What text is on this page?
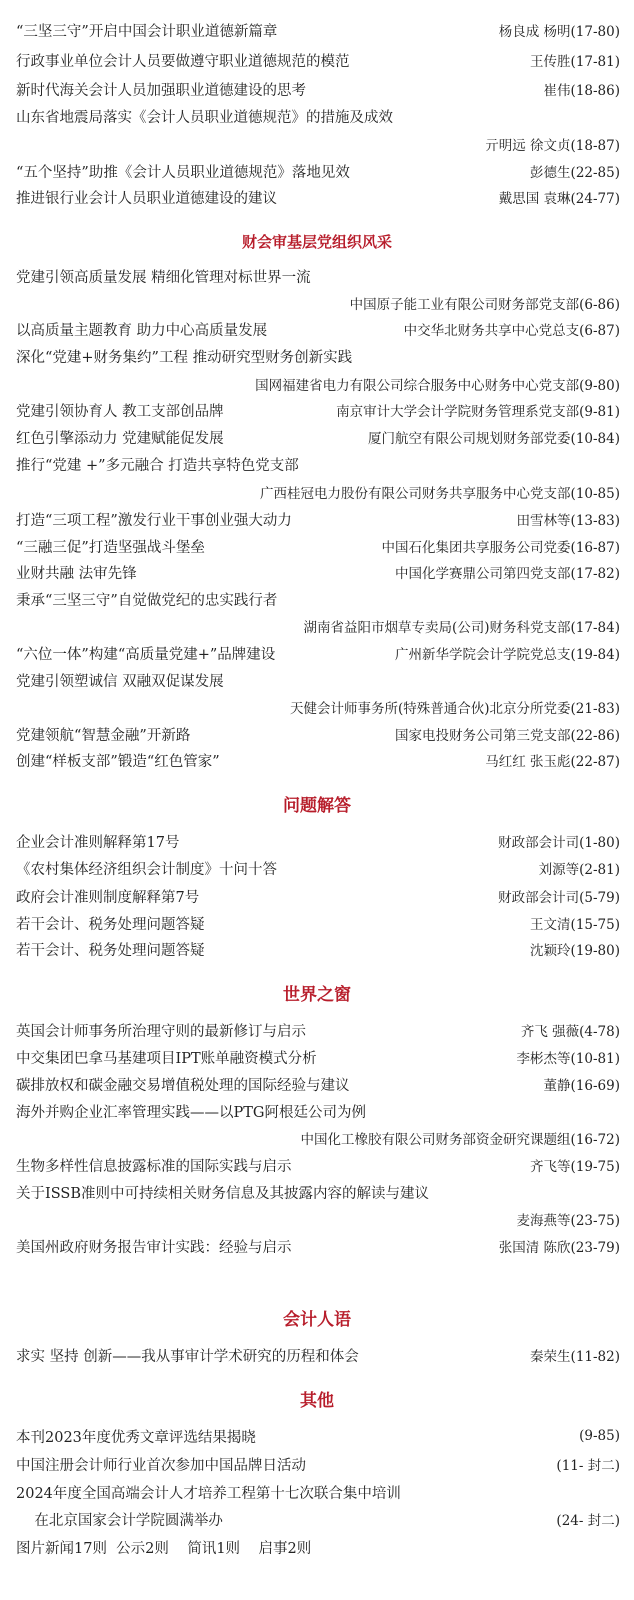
“三坚三守”开启中国会计职业道德新篇章	杨良成 杨明(17-80)
行政事业单位会计人员要做遵守职业道德规范的模范	王传胜(17-81)
新时代海关会计人员加强职业道德建设的思考	崔伟(18-86)
山东省地震局落实《会计人员职业道德规范》的措施及成效
亓明远 徐文贞(18-87)
“五个坚持”助推《会计人员职业道德规范》落地见效	彭德生(22-85)
推进银行业会计人员职业道德建设的建议	戴思国 袁琳(24-77)
财会审基层党组织风采
党建引领高质量发展 精细化管理对标世界一流
中国原子能工业有限公司财务部党支部(6-86)
以高质量主题教育 助力中心高质量发展	中交华北财务共享中心党总支(6-87)
深化“党建+财务集约”工程 推动研究型财务创新实践
国网福建省电力有限公司综合服务中心财务中心党支部(9-80)
党建引领协育人 教工支部创品牌	南京审计大学会计学院财务管理系党支部(9-81)
红色引擎添动力 党建赋能促发展	厦门航空有限公司规划财务部党委(10-84)
推行“党建 +”多元融合 打造共享特色党支部
广西桂冠电力股份有限公司财务共享服务中心党支部(10-85)
打造“三项工程”激发行业干事创业强大动力	田雪林等(13-83)
“三融三促”打造坚强战斗堡垒	中国石化集团共享服务公司党委(16-87)
业财共融 法审先锋	中国化学赛鼎公司第四党支部(17-82)
秉承“三坚三守”自觉做党纪的忠实践行者
湖南省益阳市烟草专卖局(公司)财务科党支部(17-84)
“六位一体”构建“高质量党建+”品牌建设	广州新华学院会计学院党总支(19-84)
党建引领塑诚信 双融双促谋发展
天健会计师事务所(特殊普通合伙)北京分所党委(21-83)
党建领航“智慧金融”开新路	国家电投财务公司第三党支部(22-86)
创建“样板支部”锻造“红色管家”	马红红 张玉彪(22-87)
问题解答
企业会计准则解释第17号	财政部会计司(1-80)
《农村集体经济组织会计制度》十问十答	刘源等(2-81)
政府会计准则制度解释第7号	财政部会计司(5-79)
若干会计、税务处理问题答疑	王文清(15-75)
若干会计、税务处理问题答疑	沈颖玲(19-80)
世界之窗
英国会计师事务所治理守则的最新修订与启示	齐飞 强薇(4-78)
中交集团巴拿马基建项目IPT账单融资模式分析	李彬杰等(10-81)
碳排放权和碳金融交易增值税处理的国际经验与建议	董静(16-69)
海外并购企业汇率管理实践——以PTG阿根廷公司为例
中国化工橡胶有限公司财务部资金研究课题组(16-72)
生物多样性信息披露标准的国际实践与启示	齐飞等(19-75)
关于ISSB准则中可持续相关财务信息及其披露内容的解读与建议
麦海燕等(23-75)
美国州政府财务报告审计实践：经验与启示	张国清 陈欣(23-79)
会计人语
求实 坚持 创新——我从事审计学术研究的历程和体会	秦荣生(11-82)
其他
本刊2023年度优秀文章评选结果揭晓	(9-85)
中国注册会计师行业首次参加中国品牌日活动	(11- 封二)
2024年度全国高端会计人才培养工程第十七次联合集中培训
在北京国家会计学院圆满举办	(24- 封二)
图片新闻17则  公示2则    简讯1则    启事2则
